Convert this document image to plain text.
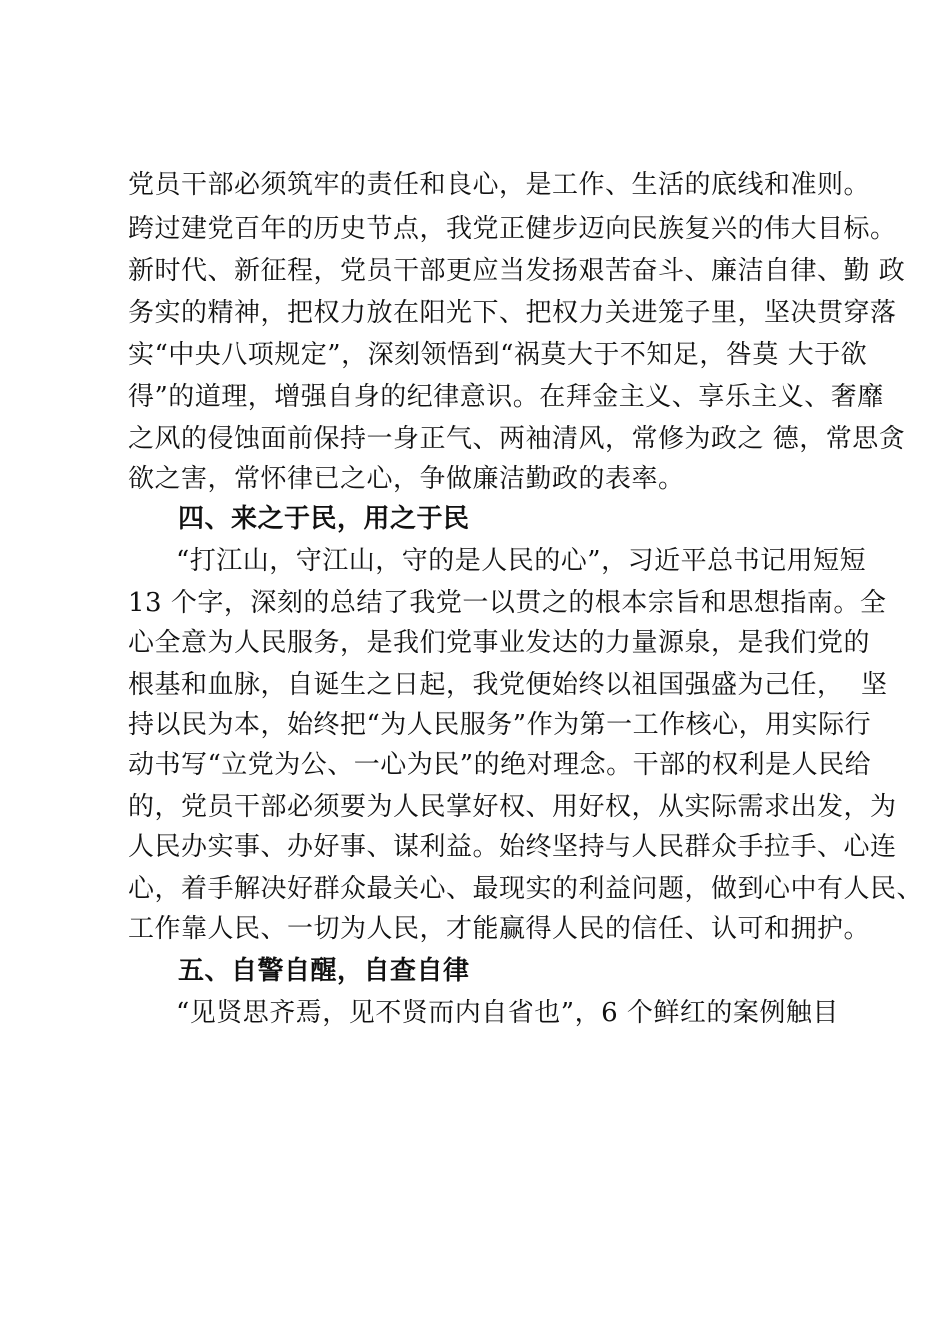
党员干部必须筑牢的责任和良心，是工作、生活的底线和准则。
跨过建党百年的历史节点，我党正健步迈向民族复兴的伟大目标。
新时代、新征程，党员干部更应当发扬艰苦奋斗、廉洁自律、勤 政
务实的精神，把权力放在阳光下、把权力关进笼子里，坚决贯穿落
实“中央八项规定”，深刻领悟到“祸莫大于不知足，咎莫 大于欲
得”的道理，增强自身的纪律意识。在拜金主义、享乐主义、奢靡
之风的侵蚀面前保持一身正气、两袖清风，常修为政之 德，常思贪
欲之害，常怀律已之心，争做廉洁勤政的表率。
四、来之于民，用之于民
“打江山，守江山，守的是人民的心”，习近平总书记用短短
13 个字，深刻的总结了我党一以贯之的根本宗旨和思想指南。全
心全意为人民服务，是我们党事业发达的力量源泉，是我们党的
根基和血脉，自诞生之日起，我党便始终以祖国强盛为己任，  坚
持以民为本，始终把“为人民服务”作为第一工作核心，用实际行
动书写“立党为公、一心为民”的绝对理念。干部的权利是人民给
的，党员干部必须要为人民掌好权、用好权，从实际需求出发，为
人民办实事、办好事、谋利益。始终坚持与人民群众手拉手、心连
心，着手解决好群众最关心、最现实的利益问题，做到心中有人民、
工作靠人民、一切为人民，才能赢得人民的信任、认可和拥护。
五、自警自醒，自查自律
“见贤思齐焉，见不贤而内自省也”，6 个鲜红的案例触目
